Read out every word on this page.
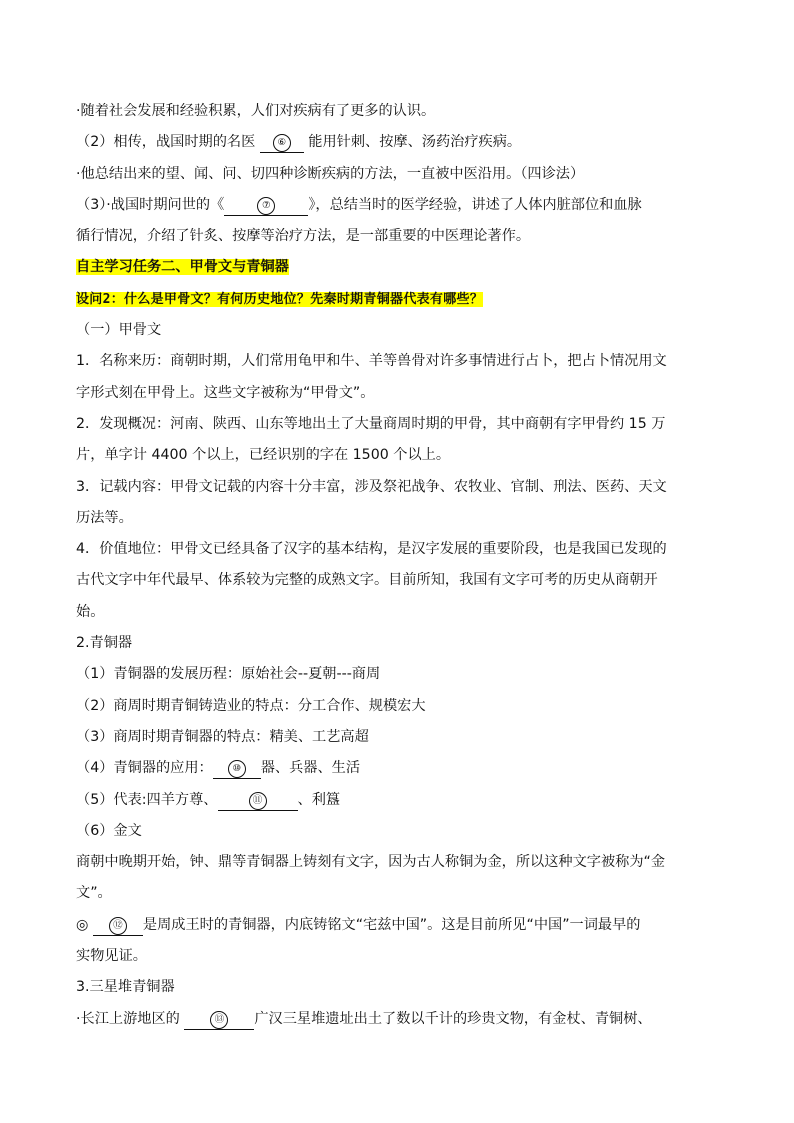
·随着社会发展和经验积累，人们对疾病有了更多的认识。
（2）相传，战国时期的名医 ⑥ 能用针刺、按摩、汤药治疗疾病。
·他总结出来的望、闻、问、切四种诊断疾病的方法，一直被中医沿用。（四诊法）
（3）·战国时期问世的《	⑦	》，总结当时的医学经验，讲述了人体内脏部位和血脉
循行情况，介绍了针炙、按摩等治疗方法，是一部重要的中医理论著作。
自主学习任务二、甲骨文与青铜器
设问2：什么是甲骨文？有何历史地位？先秦时期青铜器代表有哪些？
（一）甲骨文
1．名称来历：商朝时期，人们常用龟甲和牛、羊等兽骨对许多事情进行占卜，把占卜情况用文
字形式刻在甲骨上。这些文字被称为“甲骨文”。
2．发现概况：河南、陕西、山东等地出土了大量商周时期的甲骨，其中商朝有字甲骨约 15 万
片，单字计 4400 个以上，已经识别的字在 1500 个以上。
3．记载内容：甲骨文记载的内容十分丰富，涉及祭祀战争、农牧业、官制、刑法、医药、天文
历法等。
4．价值地位：甲骨文已经具备了汉字的基本结构，是汉字发展的重要阶段，也是我国已发现的
古代文字中年代最早、体系较为完整的成熟文字。目前所知，我国有文字可考的历史从商朝开
始。
2.青铜器
（1）青铜器的发展历程：原始社会--夏朝---商周
（2）商周时期青铜铸造业的特点：分工合作、规模宏大
（3）商周时期青铜器的特点：精美、工艺高超
（4）青铜器的应用： ⑩ 器、兵器、生活
（5）代表:四羊方尊、	⑪ 、利簋
（6）金文
商朝中晚期开始，钟、鼎等青铜器上铸刻有文字，因为古人称铜为金，所以这种文字被称为“金
文”。
◎ ⑫ 是周成王时的青铜器，内底铸铭文“宅兹中国”。这是目前所见“中国”一词最早的
实物见证。
3.三星堆青铜器
·长江上游地区的	⑬ 广汉三星堆遗址出土了数以千计的珍贵文物，有金杖、青铜树、
